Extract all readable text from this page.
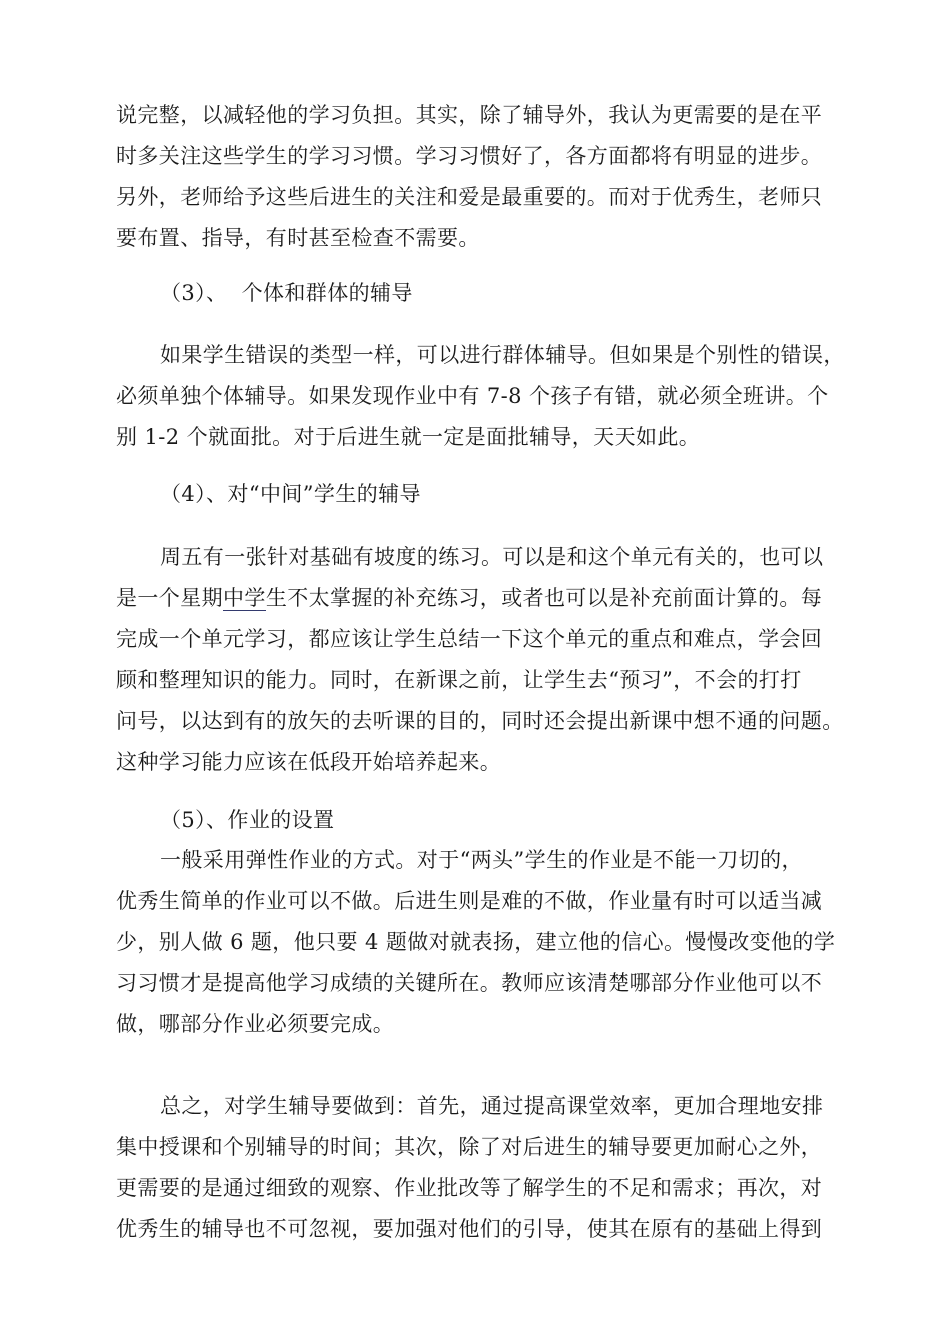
说完整，以减轻他的学习负担。其实，除了辅导外，我认为更需要的是在平
时多关注这些学生的学习习惯。学习习惯好了，各方面都将有明显的进步。
另外，老师给予这些后进生的关注和爱是最重要的。而对于优秀生，老师只
要布置、指导，有时甚至检查不需要。

（3）、  个体和群体的辅导

如果学生错误的类型一样，可以进行群体辅导。但如果是个别性的错误，
必须单独个体辅导。如果发现作业中有 7-8 个孩子有错，就必须全班讲。个
别 1-2 个就面批。对于后进生就一定是面批辅导，天天如此。

（4）、对“中间”学生的辅导

周五有一张针对基础有坡度的练习。可以是和这个单元有关的，也可以
是一个星期中学生不太掌握的补充练习，或者也可以是补充前面计算的。每
完成一个单元学习，都应该让学生总结一下这个单元的重点和难点，学会回
顾和整理知识的能力。同时，在新课之前，让学生去“预习”，不会的打打
问号，以达到有的放矢的去听课的目的，同时还会提出新课中想不通的问题。
这种学习能力应该在低段开始培养起来。

（5）、作业的设置

一般采用弹性作业的方式。对于“两头”学生的作业是不能一刀切的，
优秀生简单的作业可以不做。后进生则是难的不做，作业量有时可以适当减
少，别人做 6 题，他只要 4 题做对就表扬，建立他的信心。慢慢改变他的学
习习惯才是提高他学习成绩的关键所在。教师应该清楚哪部分作业他可以不
做，哪部分作业必须要完成。
总之，对学生辅导要做到：首先，通过提高课堂效率，更加合理地安排
集中授课和个别辅导的时间；其次，除了对后进生的辅导要更加耐心之外，
更需要的是通过细致的观察、作业批改等了解学生的不足和需求；再次，对
优秀生的辅导也不可忽视，要加强对他们的引导，使其在原有的基础上得到
